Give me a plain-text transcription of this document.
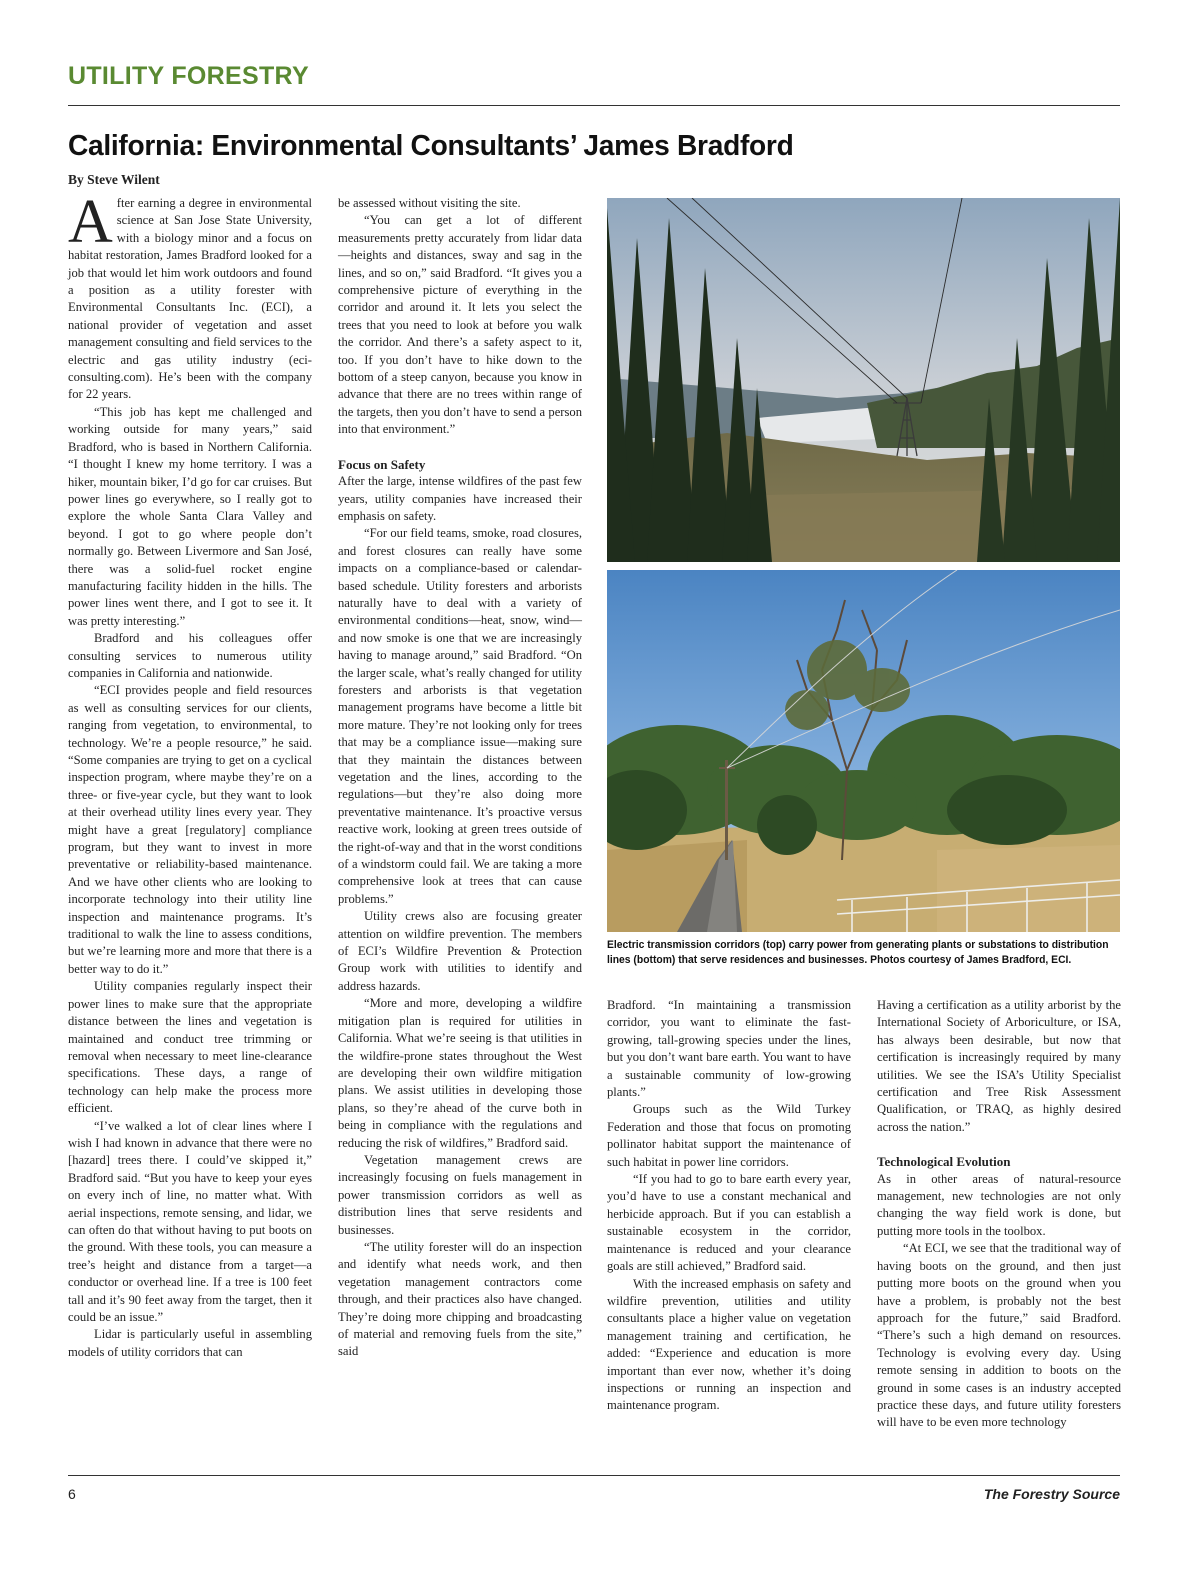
UTILITY FORESTRY
California: Environmental Consultants’ James Bradford
By Steve Wilent

After earning a degree in environmental science at San Jose State University, with a biology minor and a focus on habitat restoration, James Bradford looked for a job that would let him work outdoors and found a position as a utility forester with Environmental Consultants Inc. (ECI), a national provider of vegetation and asset management consulting and field services to the electric and gas utility industry (eci-consulting.com). He’s been with the company for 22 years.

“This job has kept me challenged and working outside for many years,” said Bradford, who is based in Northern California. “I thought I knew my home territory. I was a hiker, mountain biker, I’d go for car cruises. But power lines go everywhere, so I really got to explore the whole Santa Clara Valley and beyond. I got to go where people don’t normally go. Between Livermore and San José, there was a solid-fuel rocket engine manufacturing facility hidden in the hills. The power lines went there, and I got to see it. It was pretty interesting.”

Bradford and his colleagues offer consulting services to numerous utility companies in California and nationwide.

“ECI provides people and field resources as well as consulting services for our clients, ranging from vegetation, to environmental, to technology. We’re a people resource,” he said. “Some companies are trying to get on a cyclical inspection program, where maybe they’re on a three- or five-year cycle, but they want to look at their overhead utility lines every year. They might have a great [regulatory] compliance program, but they want to invest in more preventative or reliability-based maintenance. And we have other clients who are looking to incorporate technology into their utility line inspection and maintenance programs. It’s traditional to walk the line to assess conditions, but we’re learning more and more that there is a better way to do it.”

Utility companies regularly inspect their power lines to make sure that the appropriate distance between the lines and vegetation is maintained and conduct tree trimming or removal when necessary to meet line-clearance specifications. These days, a range of technology can help make the process more efficient.

“I’ve walked a lot of clear lines where I wish I had known in advance that there were no [hazard] trees there. I could’ve skipped it,” Bradford said. “But you have to keep your eyes on every inch of line, no matter what. With aerial inspections, remote sensing, and lidar, we can often do that without having to put boots on the ground. With these tools, you can measure a tree’s height and distance from a target—a conductor or overhead line. If a tree is 100 feet tall and it’s 90 feet away from the target, then it could be an issue.”

Lidar is particularly useful in assembling models of utility corridors that can

be assessed without visiting the site.

“You can get a lot of different measurements pretty accurately from lidar data—heights and distances, sway and sag in the lines, and so on,” said Bradford. “It gives you a comprehensive picture of everything in the corridor and around it. It lets you select the trees that you need to look at before you walk the corridor. And there’s a safety aspect to it, too. If you don’t have to hike down to the bottom of a steep canyon, because you know in advance that there are no trees within range of the targets, then you don’t have to send a person into that environment.”

Focus on Safety

After the large, intense wildfires of the past few years, utility companies have increased their emphasis on safety.

“For our field teams, smoke, road closures, and forest closures can really have some impacts on a compliance-based or calendar-based schedule. Utility foresters and arborists naturally have to deal with a variety of environmental conditions—heat, snow, wind—and now smoke is one that we are increasingly having to manage around,” said Bradford. “On the larger scale, what’s really changed for utility foresters and arborists is that vegetation management programs have become a little bit more mature. They’re not looking only for trees that may be a compliance issue—making sure that they maintain the distances between vegetation and the lines, according to the regulations—but they’re also doing more preventative maintenance. It’s proactive versus reactive work, looking at green trees outside of the right-of-way and that in the worst conditions of a windstorm could fail. We are taking a more comprehensive look at trees that can cause problems.”

Utility crews also are focusing greater attention on wildfire prevention. The members of ECI’s Wildfire Prevention & Protection Group work with utilities to identify and address hazards.

“More and more, developing a wildfire mitigation plan is required for utilities in California. What we’re seeing is that utilities in the wildfire-prone states throughout the West are developing their own wildfire mitigation plans. We assist utilities in developing those plans, so they’re ahead of the curve both in being in compliance with the regulations and reducing the risk of wildfires,” Bradford said.

Vegetation management crews are increasingly focusing on fuels management in power transmission corridors as well as distribution lines that serve residents and businesses.

“The utility forester will do an inspection and identify what needs work, and then vegetation management contractors come through, and their practices also have changed. They’re doing more chipping and broadcasting of material and removing fuels from the site,” said

Electric transmission corridors (top) carry power from generating plants or substations to distribution lines (bottom) that serve residences and businesses. Photos courtesy of James Bradford, ECI.

Bradford. “In maintaining a transmission corridor, you want to eliminate the fast-growing, tall-growing species under the lines, but you don’t want bare earth. You want to have a sustainable community of low-growing plants.”

Groups such as the Wild Turkey Federation and those that focus on promoting pollinator habitat support the maintenance of such habitat in power line corridors.

“If you had to go to bare earth every year, you’d have to use a constant mechanical and herbicide approach. But if you can establish a sustainable ecosystem in the corridor, maintenance is reduced and your clearance goals are still achieved,” Bradford said.

With the increased emphasis on safety and wildfire prevention, utilities and utility consultants place a higher value on vegetation management training and certification, he added: “Experience and education is more important than ever now, whether it’s doing inspections or running an inspection and maintenance program.

Having a certification as a utility arborist by the International Society of Arboriculture, or ISA, has always been desirable, but now that certification is increasingly required by many utilities. We see the ISA’s Utility Specialist certification and Tree Risk Assessment Qualification, or TRAQ, as highly desired across the nation.”

Technological Evolution

As in other areas of natural-resource management, new technologies are not only changing the way field work is done, but putting more tools in the toolbox.

“At ECI, we see that the traditional way of having boots on the ground, and then just putting more boots on the ground when you have a problem, is probably not the best approach for the future,” said Bradford. “There’s such a high demand on resources. Technology is evolving every day. Using remote sensing in addition to boots on the ground in some cases is an industry accepted practice these days, and future utility foresters will have to be even more technology

6	The Forestry Source
